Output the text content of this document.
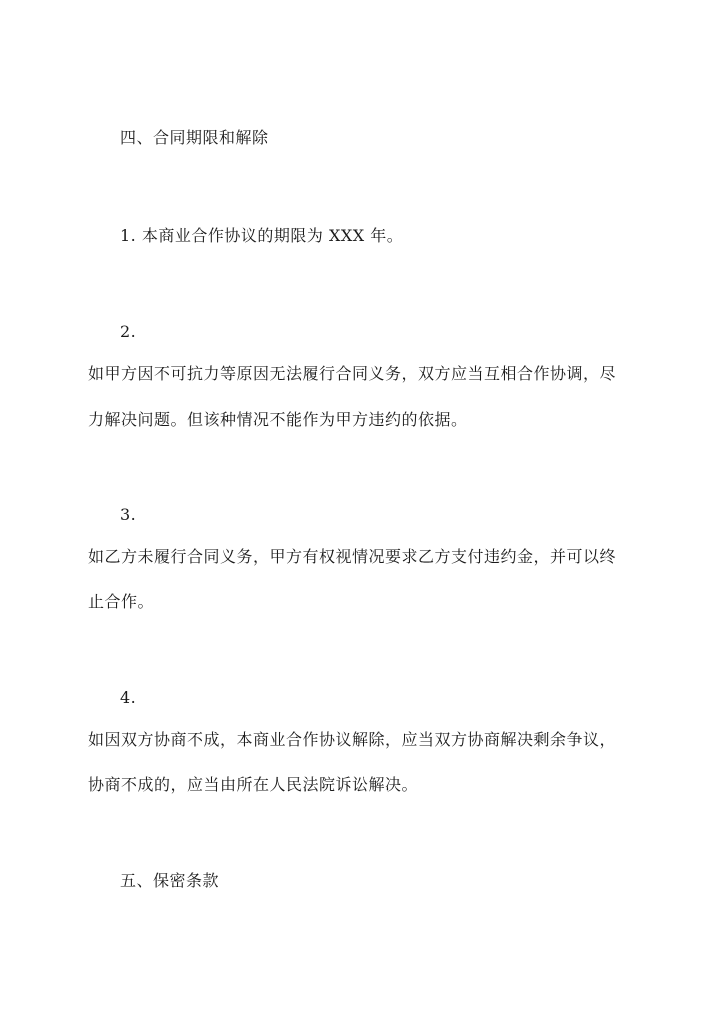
四、合同期限和解除
1. 本商业合作协议的期限为 XXX 年。
2.
如甲方因不可抗力等原因无法履行合同义务，双方应当互相合作协调，尽
力解决问题。但该种情况不能作为甲方违约的依据。
3.
如乙方未履行合同义务，甲方有权视情况要求乙方支付违约金，并可以终
止合作。
4.
如因双方协商不成，本商业合作协议解除，应当双方协商解决剩余争议，
协商不成的，应当由所在人民法院诉讼解决。
五、保密条款
